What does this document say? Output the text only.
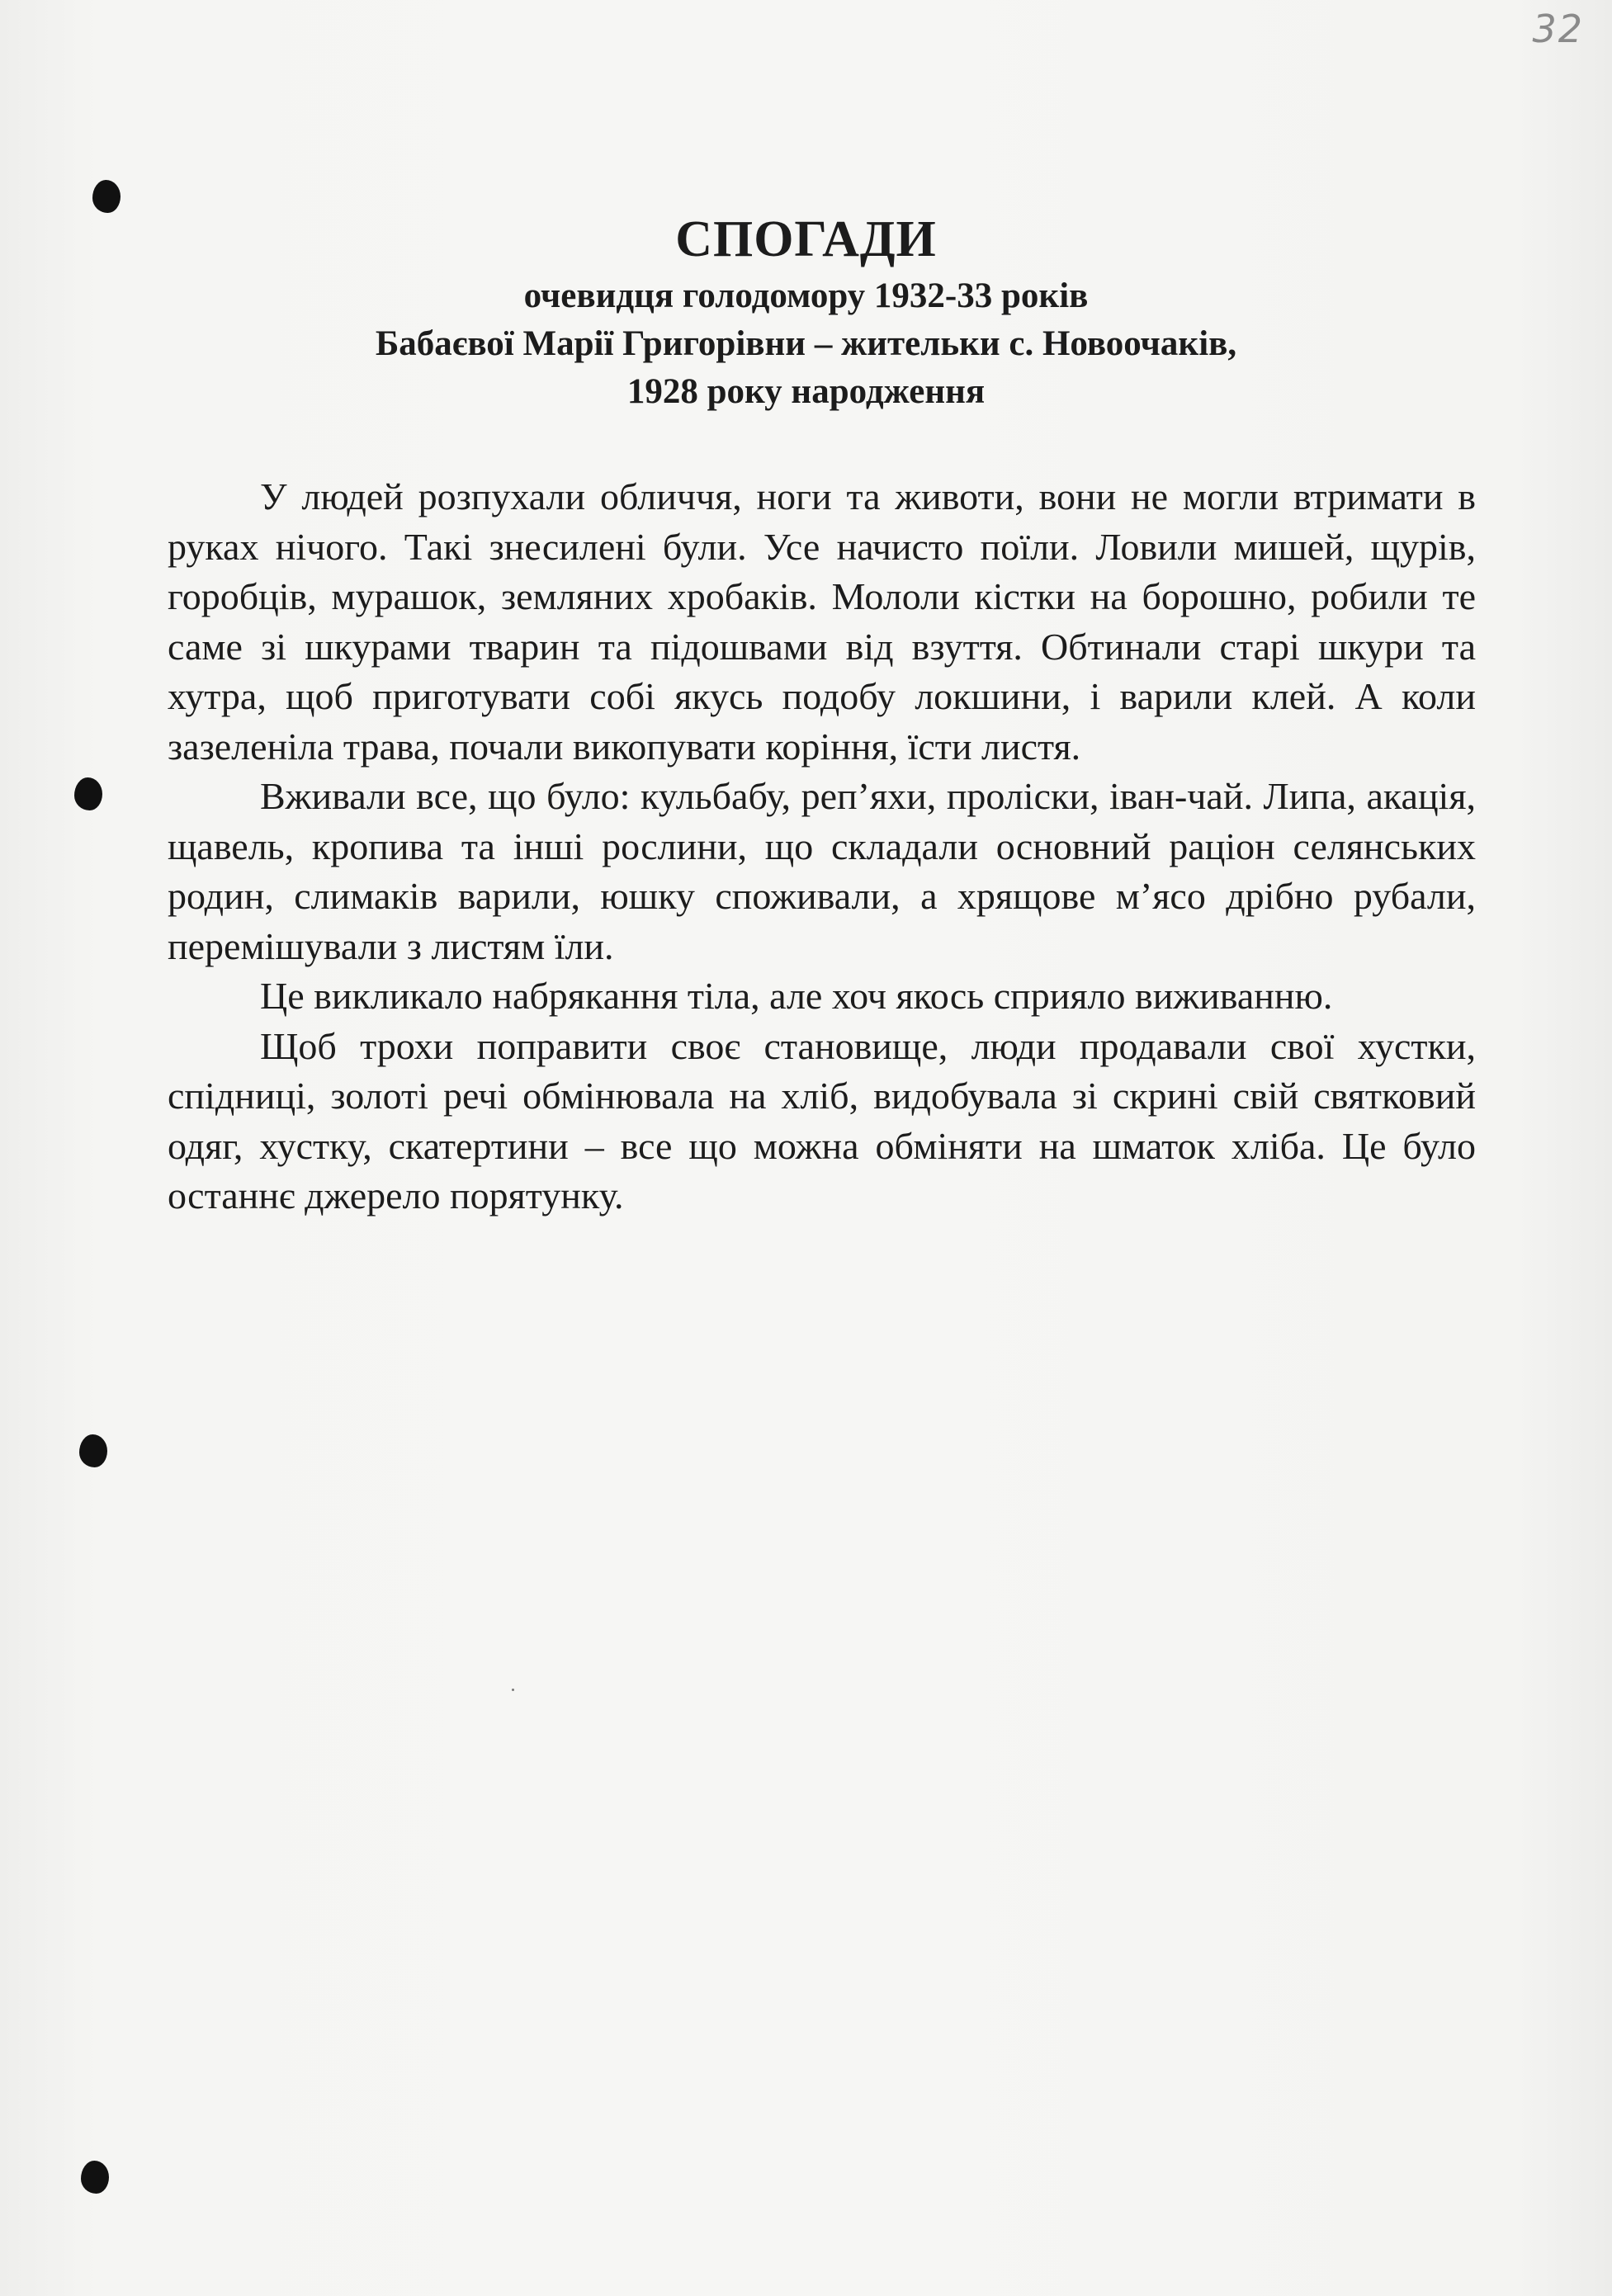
32
СПОГАДИ
очевидця голодомору 1932-33 років
Бабаєвої Марії Григорівни – жительки с. Новоочаків,
1928 року народження

У людей розпухали обличчя, ноги та животи, вони не могли втримати в руках нічого. Такі знесилені були. Усе начисто поїли. Ловили мишей, щурів, горобців, мурашок, земляних хробаків. Мололи кістки на борошно, робили те саме зі шкурами тварин та підошвами від взуття. Обтинали старі шкури та хутра, щоб приготувати собі якусь подобу локшини, і варили клей. А коли зазеленіла трава, почали викопувати коріння, їсти листя.

Вживали все, що було: кульбабу, реп’яхи, проліски, іван-чай. Липа, акація, щавель, кропива та інші рослини, що складали основний раціон селянських родин, слимаків варили, юшку споживали, а хрящове м’ясо дрібно рубали, перемішували з листям їли.

Це викликало набрякання тіла, але хоч якось сприяло виживанню.

Щоб трохи поправити своє становище, люди продавали свої хустки, спідниці, золоті речі обмінювала на хліб, видобувала зі скрині свій святковий одяг, хустку, скатертини – все що можна обміняти на шматок хліба. Це було останнє джерело порятунку.
